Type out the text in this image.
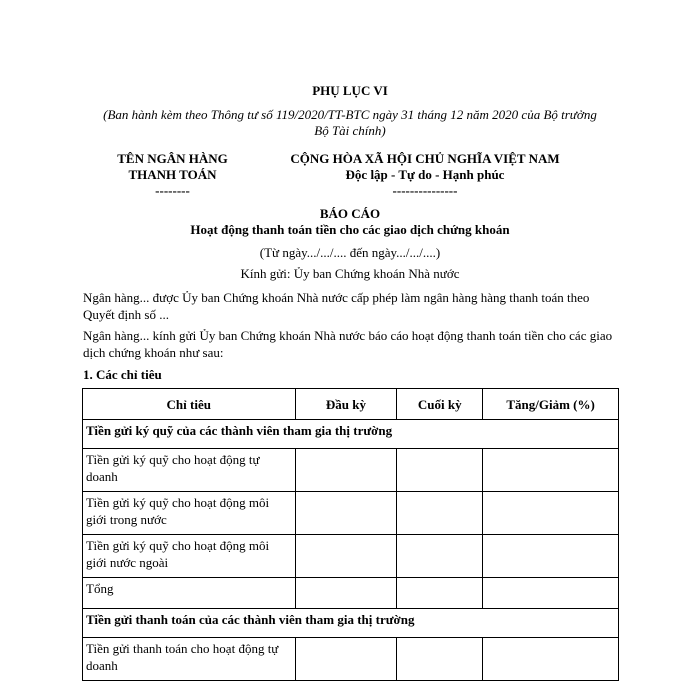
PHỤ LỤC VI
(Ban hành kèm theo Thông tư số 119/2020/TT-BTC ngày 31 tháng 12 năm 2020 của Bộ trưởng
Bộ Tài chính)
TÊN NGÂN HÀNG
THANH TOÁN
--------
CỘNG HÒA XÃ HỘI CHỦ NGHĨA VIỆT NAM
Độc lập - Tự do - Hạnh phúc
---------------
BÁO CÁO
Hoạt động thanh toán tiền cho các giao dịch chứng khoán
(Từ ngày.../.../.... đến ngày.../.../....)
Kính gửi: Ủy ban Chứng khoán Nhà nước
Ngân hàng... được Ủy ban Chứng khoán Nhà nước cấp phép làm ngân hàng hàng thanh toán theo Quyết định số ...
Ngân hàng... kính gửi Ủy ban Chứng khoán Nhà nước báo cáo hoạt động thanh toán tiền cho các giao dịch chứng khoán như sau:
1. Các chỉ tiêu
Chỉ tiêu	Đầu kỳ	Cuối kỳ	Tăng/Giảm (%)
Tiền gửi ký quỹ của các thành viên tham gia thị trường			
Tiền gửi ký quỹ cho hoạt động tự doanh			
Tiền gửi ký quỹ cho hoạt động môi giới trong nước			
Tiền gửi ký quỹ cho hoạt động môi giới nước ngoài			
Tổng			
Tiền gửi thanh toán của các thành viên tham gia thị trường			
Tiền gửi thanh toán cho hoạt động tự doanh			
